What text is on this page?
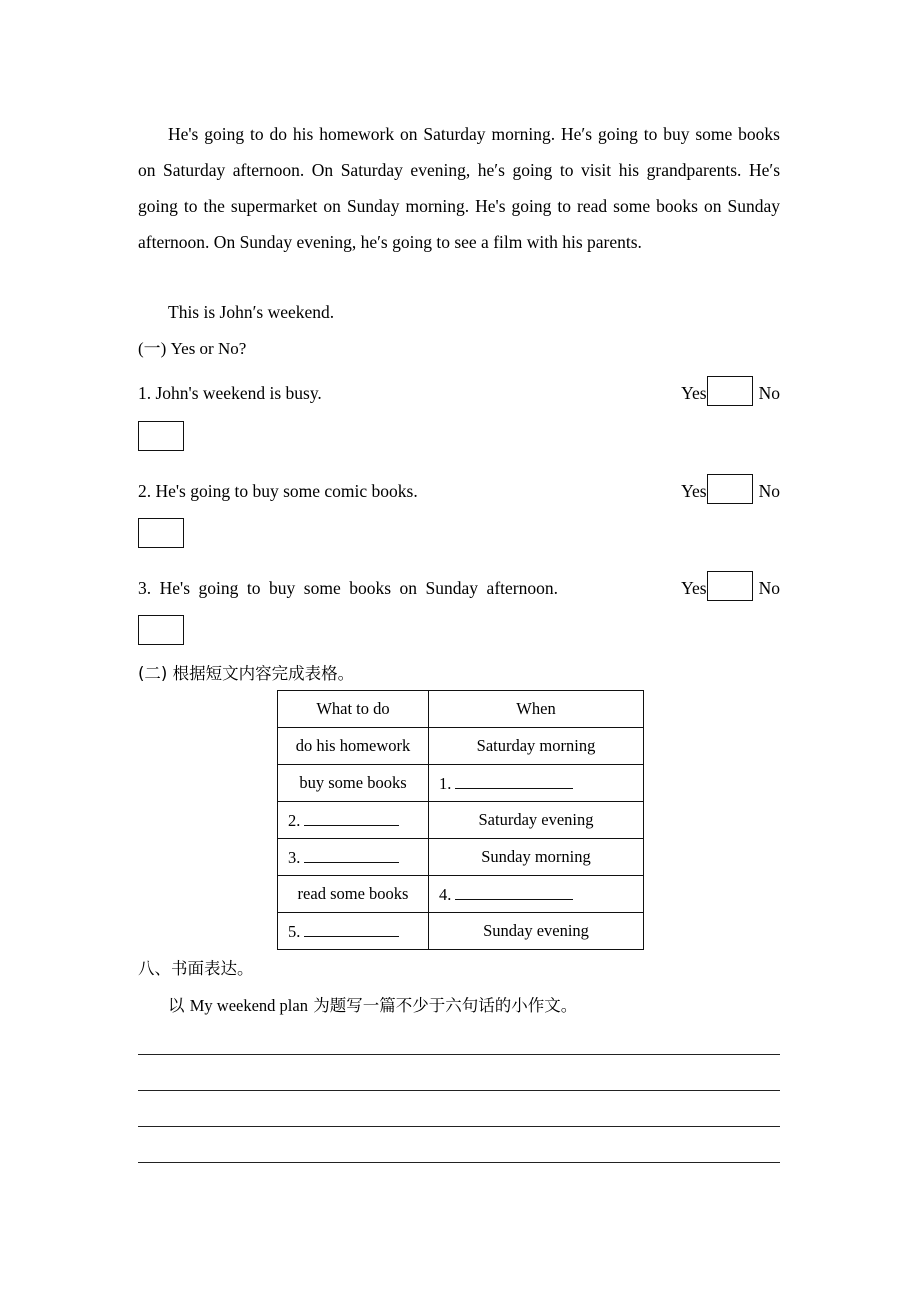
He's going to do his homework on Saturday morning. He′s going to buy some books on Saturday afternoon. On Saturday evening, he′s going to visit his grandparents. He′s going to the supermarket on Sunday morning. He's going to read some books on Sunday afternoon. On Sunday evening, he′s going to see a film with his parents.
This is John′s weekend.
(一) Yes or No?
1. John's weekend is busy.	Yes	No
2. He's going to buy some comic books.	Yes	No
3. He's going to buy some books on Sunday afternoon.	Yes	No
(二) 根据短文内容完成表格。
What to do	When
do his homework	Saturday morning
buy some books	1.
2.	Saturday evening
3.	Sunday morning
read some books	4.
5.	Sunday evening
八、书面表达。
以 My weekend plan 为题写一篇不少于六句话的小作文。
